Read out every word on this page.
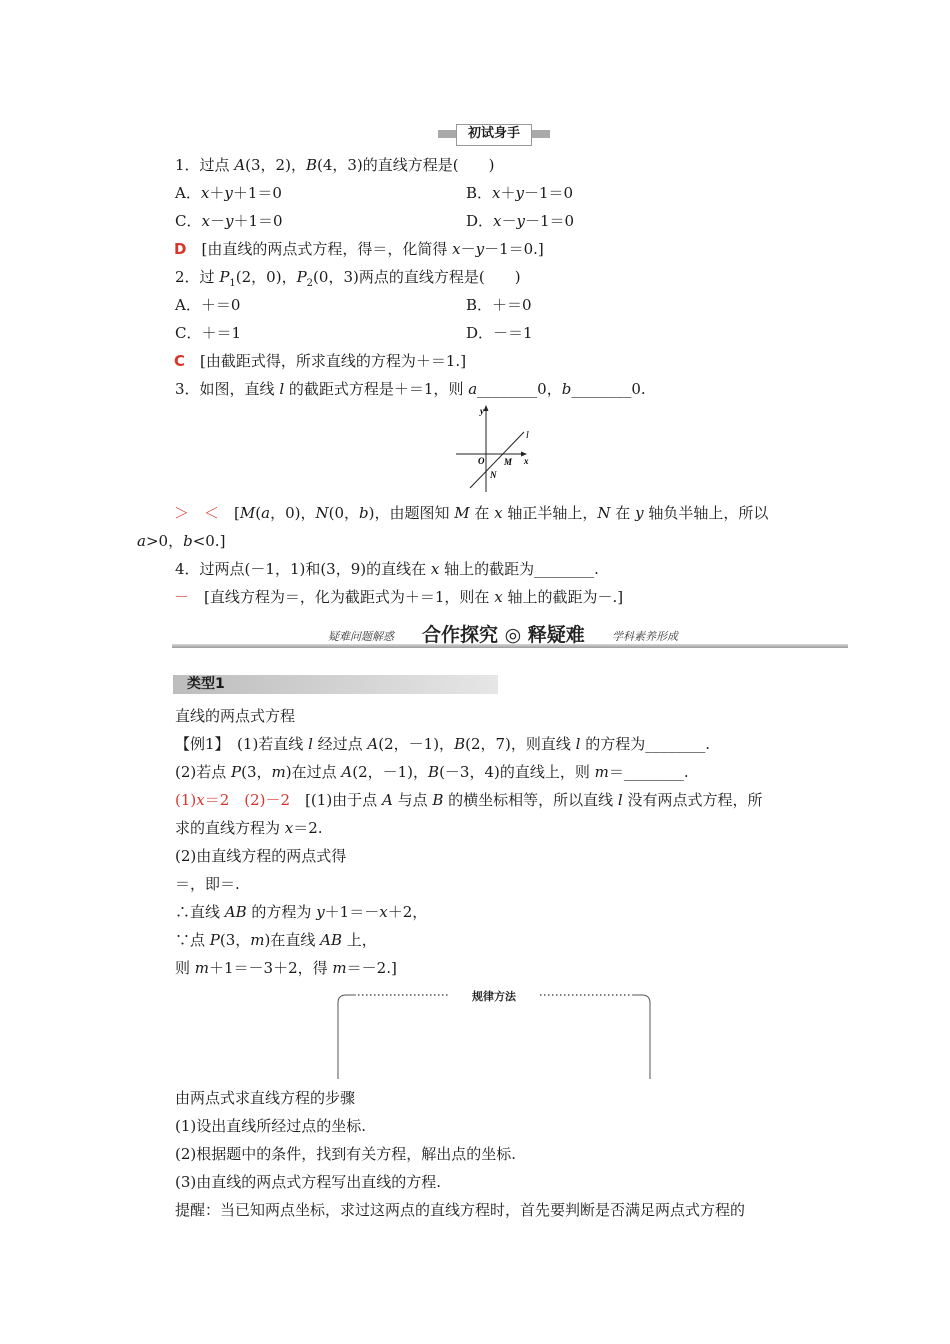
初试身手
1．过点 A(3，2)，B(4，3)的直线方程是(　　)
A．x＋y＋1＝0	B．x＋y－1＝0
C．x－y＋1＝0	D．x－y－1＝0
D　 [由直线的两点式方程，得＝，化简得 x－y－1＝0.]
2．过 $P_1(2$，0)，$P_2(0$，3)两点的直线方程是(　　)
A．＋＝0	B．＋＝0
C．＋＝1	D．－＝1
C　 [由截距式得，所求直线的方程为＋＝1.]
3．如图，直线 l 的截距式方程是＋＝1，则 a________0，b________0.
y
x
l
O M
N
＞　＜　 [M(a，0)，N(0，b)，由题图知 M 在 x 轴正半轴上，N 在 y 轴负半轴上，所以
a>0，b<0.]
4．过两点(－1，1)和(3，9)的直线在 x 轴上的截距为________.
－　 [直线方程为＝，化为截距式为＋＝1，则在 x 轴上的截距为－.]
疑难问题解惑 合作探究 ◎ 释疑难 学科素养形成
类型1
直线的两点式方程
【例1】　(1)若直线 l 经过点 A(2，－1)，B(2，7)，则直线 l 的方程为________.
(2)若点 P(3，m)在过点 A(2，－1)，B(－3，4)的直线上，则 m＝________.
(1)x＝2　(2)－2　 [(1)由于点 A 与点 B 的横坐标相等，所以直线 l 没有两点式方程，所
求的直线方程为 x＝2.
(2)由直线方程的两点式得
＝，即＝.
∴直线 AB 的方程为 y＋1＝－x＋2，
∵点 P(3，m)在直线 AB 上，
则 m＋1＝－3＋2，得 m＝－2.]
规律方法
由两点式求直线方程的步骤
(1)设出直线所经过点的坐标.
(2)根据题中的条件，找到有关方程，解出点的坐标.
(3)由直线的两点式方程写出直线的方程.
提醒：当已知两点坐标，求过这两点的直线方程时，首先要判断是否满足两点式方程的
